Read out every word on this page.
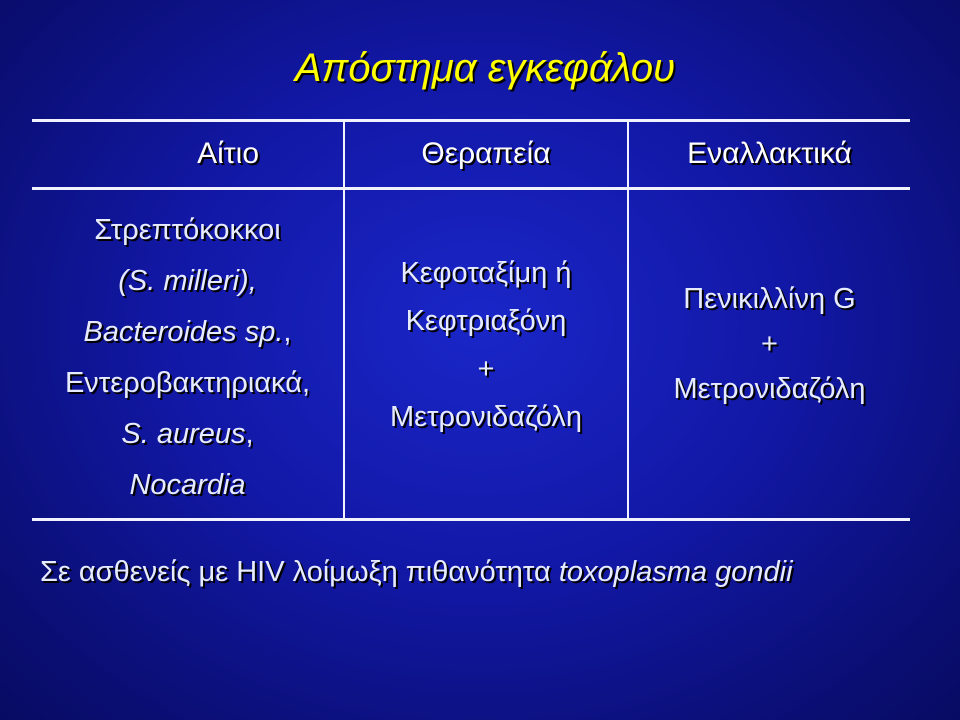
Απόστημα εγκεφάλου
Αίτιο	Θεραπεία	Εναλλακτικά
Στρεπτόκοκκοι
(S. milleri),
Bacteroides sp.,
Εντεροβακτηριακά,
S. aureus,
Nocardia
Κεφοταξίμη ή
Κεφτριαξόνη
+
Μετρονιδαζόλη
Πενικιλλίνη G
+
Μετρονιδαζόλη
Σε ασθενείς με HIV λοίμωξη πιθανότητα toxoplasma gondii
